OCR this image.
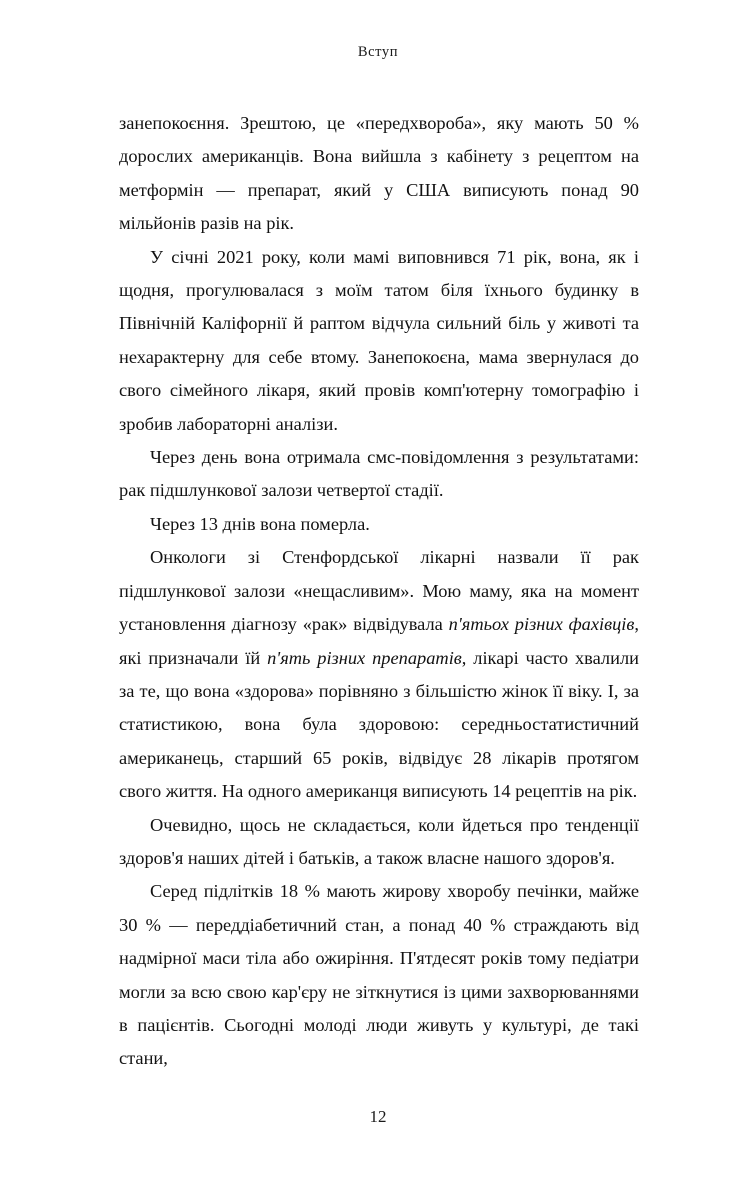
Вступ

занепокоєння. Зрештою, це «передхвороба», яку мають 50 % дорослих американців. Вона вийшла з кабінету з рецептом на метформін — препарат, який у США виписують понад 90 мільйонів разів на рік.

У січні 2021 року, коли мамі виповнився 71 рік, вона, як і щодня, прогулювалася з моїм татом біля їхнього будинку в Північній Каліфорнії й раптом відчула сильний біль у животі та нехарактерну для себе втому. Занепокоєна, мама звернулася до свого сімейного лікаря, який провів комп'ютерну томографію і зробив лабораторні аналізи.

Через день вона отримала смс-повідомлення з результатами: рак підшлункової залози четвертої стадії.

Через 13 днів вона померла.

Онкологи зі Стенфордської лікарні назвали її рак підшлункової залози «нещасливим». Мою маму, яка на момент установлення діагнозу «рак» відвідувала п'ятьох різних фахівців, які призначали їй п'ять різних препаратів, лікарі часто хвалили за те, що вона «здорова» порівняно з більшістю жінок її віку. І, за статистикою, вона була здоровою: середньостатистичний американець, старший 65 років, відвідує 28 лікарів протягом свого життя. На одного американця виписують 14 рецептів на рік.

Очевидно, щось не складається, коли йдеться про тенденції здоров'я наших дітей і батьків, а також власне нашого здоров'я.

Серед підлітків 18 % мають жирову хворобу печінки, майже 30 % — переддіабетичний стан, а понад 40 % страждають від надмірної маси тіла або ожиріння. П'ятдесят років тому педіатри могли за всю свою кар'єру не зіткнутися із цими захворюваннями в пацієнтів. Сьогодні молоді люди живуть у культурі, де такі стани,

12
